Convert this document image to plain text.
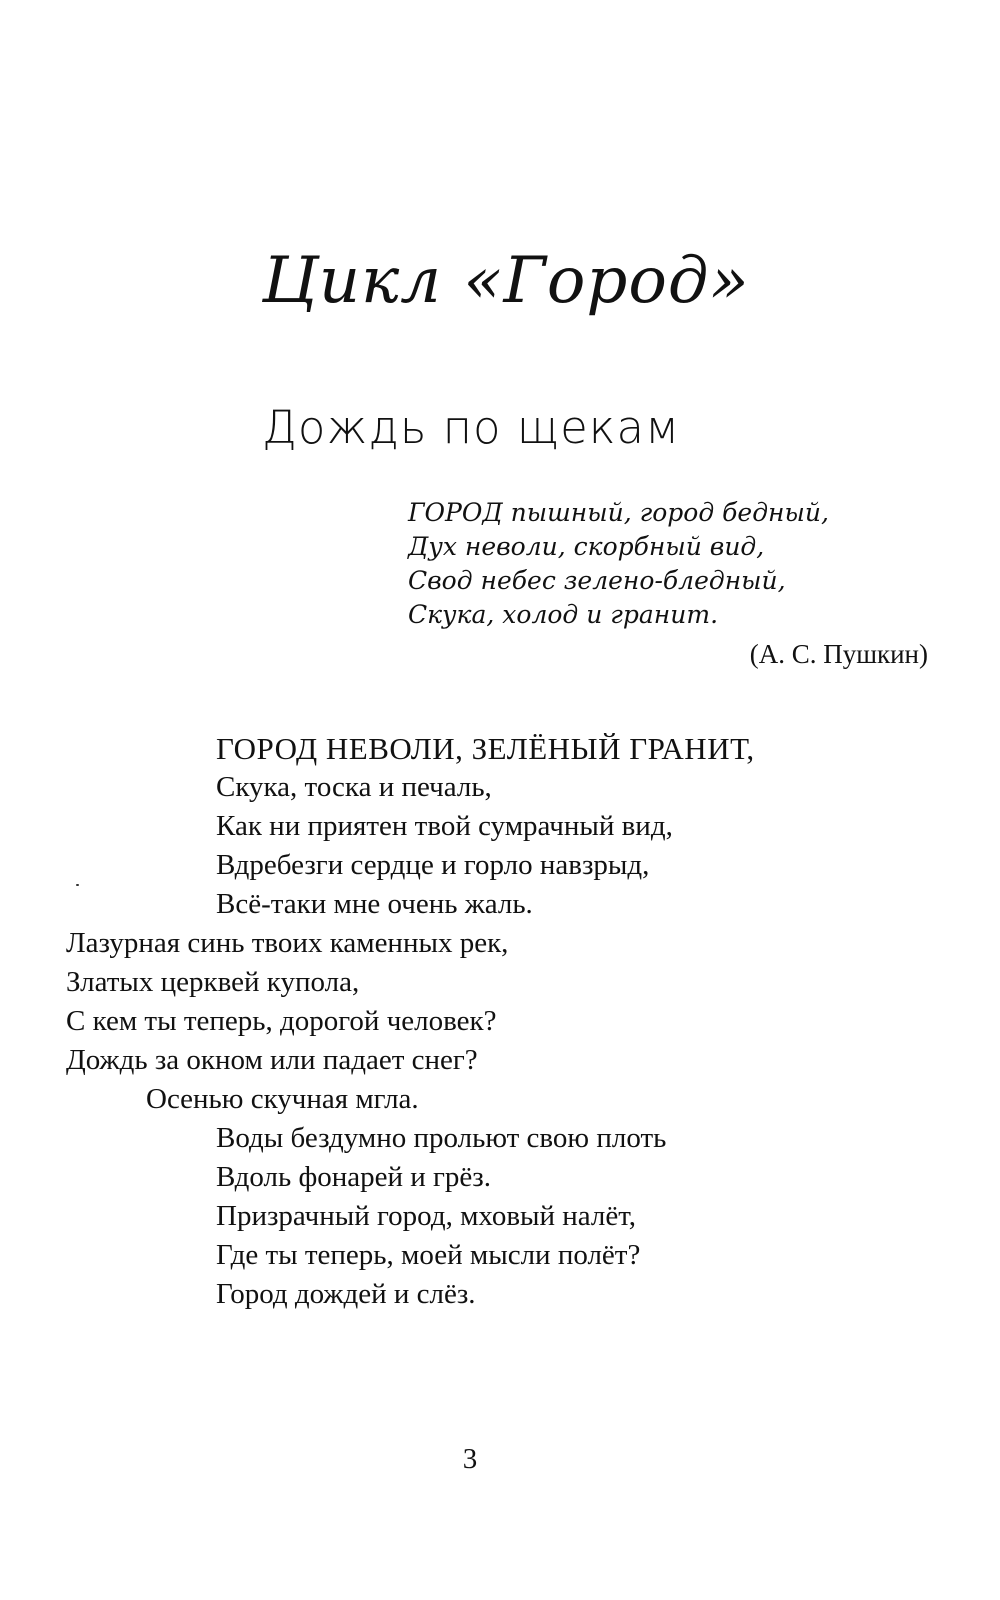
Цикл «Город»
Дождь по щекам
ГОРОД пышный, город бедный,
Дух неволи, скорбный вид,
Свод небес зелено-бледный,
Скука, холод и гранит.
(А. С. Пушкин)
ГОРОД НЕВОЛИ, ЗЕЛЁНЫЙ ГРАНИТ,
Скука, тоска и печаль,
Как ни приятен твой сумрачный вид,
Вдребезги сердце и горло навзрыд,
Всё-таки мне очень жаль.
Лазурная синь твоих каменных рек,
Златых церквей купола,
С кем ты теперь, дорогой человек?
Дождь за окном или падает снег?
Осенью скучная мгла.
Воды бездумно прольют свою плоть
Вдоль фонарей и грёз.
Призрачный город, мховый налёт,
Где ты теперь, моей мысли полёт?
Город дождей и слёз.
3
